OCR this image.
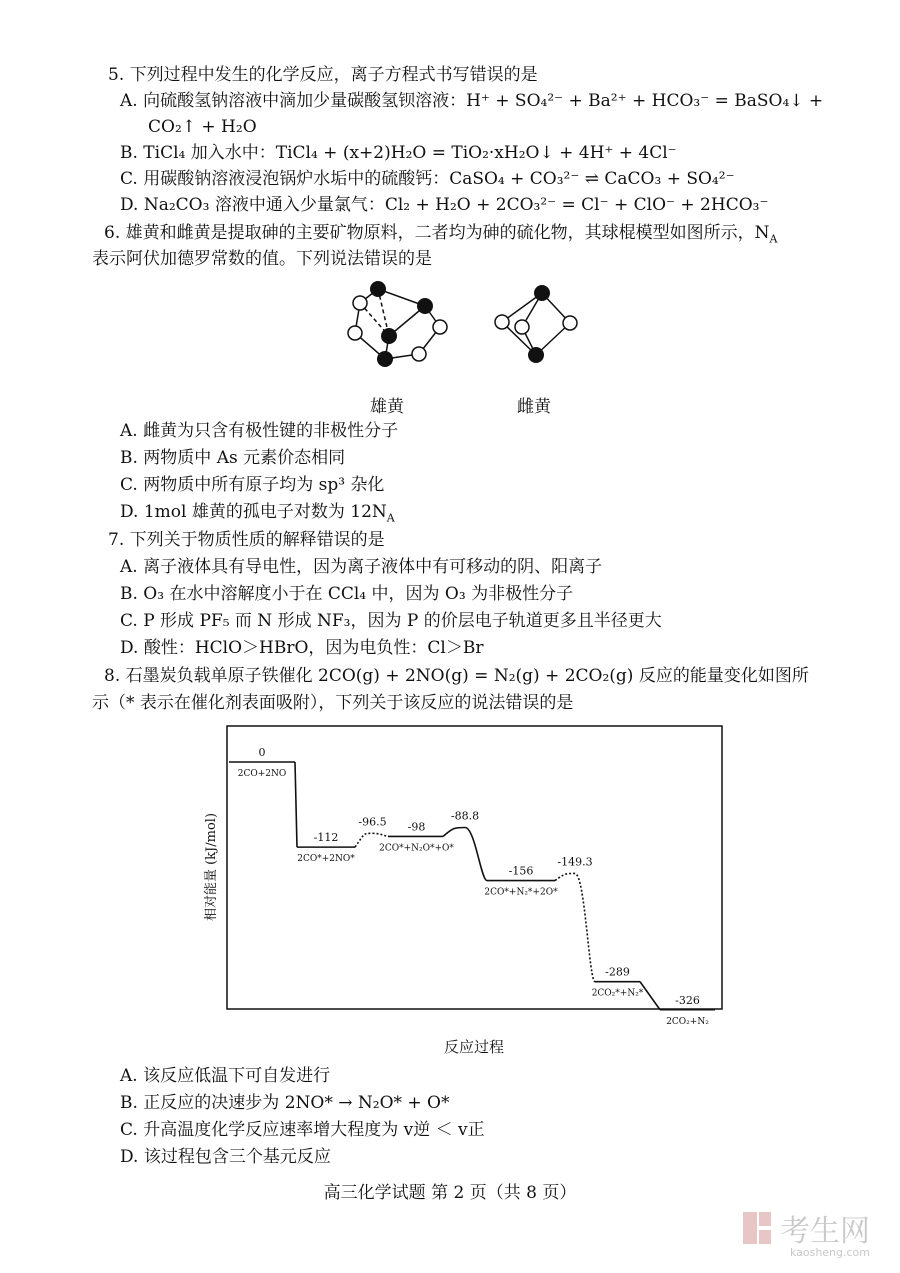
5. 下列过程中发生的化学反应，离子方程式书写错误的是
A. 向硫酸氢钠溶液中滴加少量碳酸氢钡溶液：H⁺ + SO₄²⁻ + Ba²⁺ + HCO₃⁻ = BaSO₄↓ +
CO₂↑ + H₂O
B. TiCl₄ 加入水中：TiCl₄ + (x+2)H₂O = TiO₂·xH₂O↓ + 4H⁺ + 4Cl⁻
C. 用碳酸钠溶液浸泡锅炉水垢中的硫酸钙：CaSO₄ + CO₃²⁻ ⇌ CaCO₃ + SO₄²⁻
D. Na₂CO₃ 溶液中通入少量氯气：Cl₂ + H₂O + 2CO₃²⁻ = Cl⁻ + ClO⁻ + 2HCO₃⁻
6. 雄黄和雌黄是提取砷的主要矿物原料，二者均为砷的硫化物，其球棍模型如图所示，$N_A$
表示阿伏加德罗常数的值。下列说法错误的是
雄黄	雌黄
A. 雌黄为只含有极性键的非极性分子
B. 两物质中 As 元素价态相同
C. 两物质中所有原子均为 sp³ 杂化
D. 1mol 雄黄的孤电子对数为 $12N_A$
7. 下列关于物质性质的解释错误的是
A. 离子液体具有导电性，因为离子液体中有可移动的阴、阳离子
B. O₃ 在水中溶解度小于在 CCl₄ 中，因为 O₃ 为非极性分子
C. P 形成 PF₅ 而 N 形成 NF₃，因为 P 的价层电子轨道更多且半径更大
D. 酸性：HClO＞HBrO，因为电负性：Cl＞Br
8. 石墨炭负载单原子铁催化 2CO(g) + 2NO(g) = N₂(g) + 2CO₂(g) 反应的能量变化如图所
示（* 表示在催化剂表面吸附），下列关于该反应的说法错误的是
相对能量 (kJ/mol)
反应过程
0
2CO+2NO
-112
2CO*+2NO*
-98
2CO*+N₂O*+O*
-156
2CO*+N₂*+2O*
-289
2CO₂*+N₂*
-326
2CO₂+N₂
-96.5	-88.8
-149.3
A. 该反应低温下可自发进行
B. 正反应的决速步为 2NO* → N₂O* + O*
C. 升高温度化学反应速率增大程度为 v逆 ＜ v正
D. 该过程包含三个基元反应
高三化学试题 第 2 页（共 8 页）
考生网
kaosheng.com
